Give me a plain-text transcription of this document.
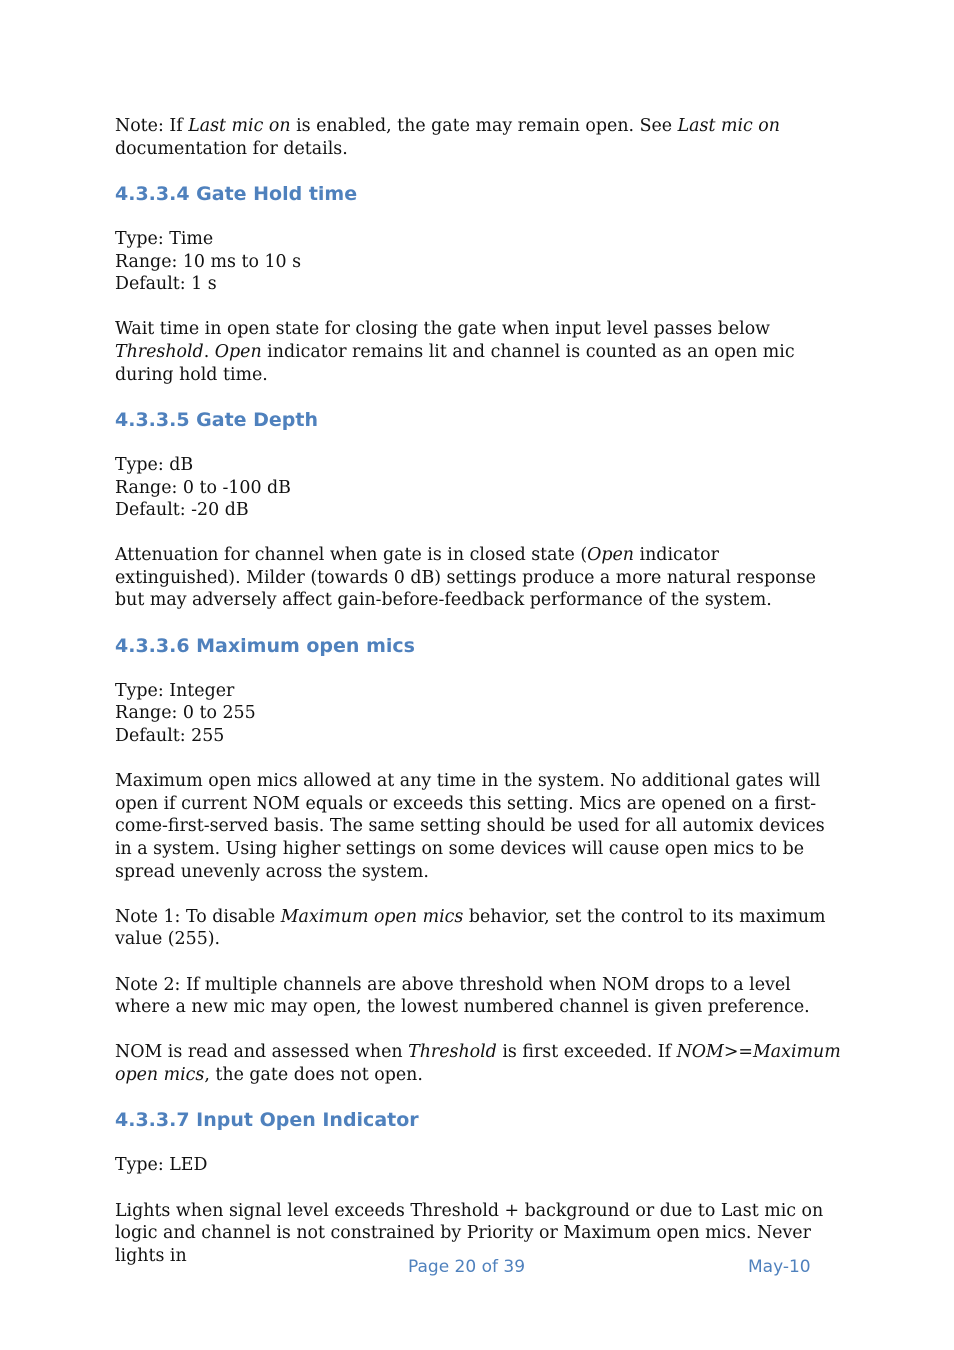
Note: If Last mic on is enabled, the gate may remain open. See Last mic on documentation for details.

4.3.3.4 Gate Hold time

Type: Time
Range: 10 ms to 10 s
Default: 1 s

Wait time in open state for closing the gate when input level passes below Threshold. Open indicator remains lit and channel is counted as an open mic during hold time.

4.3.3.5 Gate Depth

Type: dB
Range: 0 to -100 dB
Default: -20 dB

Attenuation for channel when gate is in closed state (Open indicator extinguished). Milder (towards 0 dB) settings produce a more natural response but may adversely affect gain-before-feedback performance of the system.

4.3.3.6 Maximum open mics

Type: Integer
Range: 0 to 255
Default: 255

Maximum open mics allowed at any time in the system. No additional gates will open if current NOM equals or exceeds this setting. Mics are opened on a first-come-first-served basis. The same setting should be used for all automix devices in a system. Using higher settings on some devices will cause open mics to be spread unevenly across the system.

Note 1: To disable Maximum open mics behavior, set the control to its maximum value (255).

Note 2: If multiple channels are above threshold when NOM drops to a level where a new mic may open, the lowest numbered channel is given preference.

NOM is read and assessed when Threshold is first exceeded. If NOM>=Maximum open mics, the gate does not open.

4.3.3.7 Input Open Indicator

Type: LED

Lights when signal level exceeds Threshold + background or due to Last mic on logic and channel is not constrained by Priority or Maximum open mics. Never lights in

Page 20 of 39	May-10
